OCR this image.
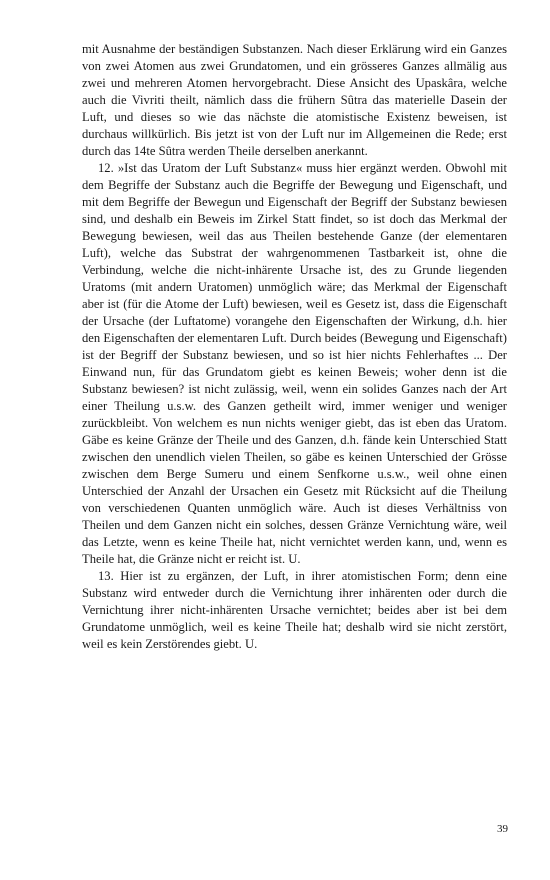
mit Ausnahme der beständigen Substanzen. Nach dieser Erklärung wird ein Ganzes von zwei Atomen aus zwei Grundatomen, und ein grösseres Ganzes allmälig aus zwei und mehreren Atomen hervorgebracht. Diese Ansicht des Upaskâra, welche auch die Vivriti theilt, nämlich dass die frühern Sûtra das materielle Dasein der Luft, und dieses so wie das nächste die atomistische Existenz beweisen, ist durchaus willkürlich. Bis jetzt ist von der Luft nur im Allgemeinen die Rede; erst durch das 14te Sûtra werden Theile derselben anerkannt.

12. »Ist das Uratom der Luft Substanz« muss hier ergänzt werden. Obwohl mit dem Begriffe der Substanz auch die Begriffe der Bewegung und Eigenschaft, und mit dem Begriffe der Bewegun und Eigenschaft der Begriff der Substanz bewiesen sind, und deshalb ein Beweis im Zirkel Statt findet, so ist doch das Merkmal der Bewegung bewiesen, weil das aus Theilen bestehende Ganze (der elementaren Luft), welche das Substrat der wahrgenommenen Tastbarkeit ist, ohne die Verbindung, welche die nicht-inhärente Ursache ist, des zu Grunde liegenden Uratoms (mit andern Uratomen) unmöglich wäre; das Merkmal der Eigenschaft aber ist (für die Atome der Luft) bewiesen, weil es Gesetz ist, dass die Eigenschaft der Ursache (der Luftatome) vorangehe den Eigenschaften der Wirkung, d.h. hier den Eigenschaften der elementaren Luft. Durch beides (Bewegung und Eigenschaft) ist der Begriff der Substanz bewiesen, und so ist hier nichts Fehlerhaftes ... Der Einwand nun, für das Grundatom giebt es keinen Beweis; woher denn ist die Substanz bewiesen? ist nicht zulässig, weil, wenn ein solides Ganzes nach der Art einer Theilung u.s.w. des Ganzen getheilt wird, immer weniger und weniger zurückbleibt. Von welchem es nun nichts weniger giebt, das ist eben das Uratom. Gäbe es keine Gränze der Theile und des Ganzen, d.h. fände kein Unterschied Statt zwischen den unendlich vielen Theilen, so gäbe es keinen Unterschied der Grösse zwischen dem Berge Sumeru und einem Senfkorne u.s.w., weil ohne einen Unterschied der Anzahl der Ursachen ein Gesetz mit Rücksicht auf die Theilung von verschiedenen Quanten unmöglich wäre. Auch ist dieses Verhältniss von Theilen und dem Ganzen nicht ein solches, dessen Gränze Vernichtung wäre, weil das Letzte, wenn es keine Theile hat, nicht vernichtet werden kann, und, wenn es Theile hat, die Gränze nicht er reicht ist. U.

13. Hier ist zu ergänzen, der Luft, in ihrer atomistischen Form; denn eine Substanz wird entweder durch die Vernichtung ihrer inhärenten oder durch die Vernichtung ihrer nicht-inhärenten Ursache vernichtet; beides aber ist bei dem Grundatome unmöglich, weil es keine Theile hat; deshalb wird sie nicht zerstört, weil es kein Zerstörendes giebt. U.

39
